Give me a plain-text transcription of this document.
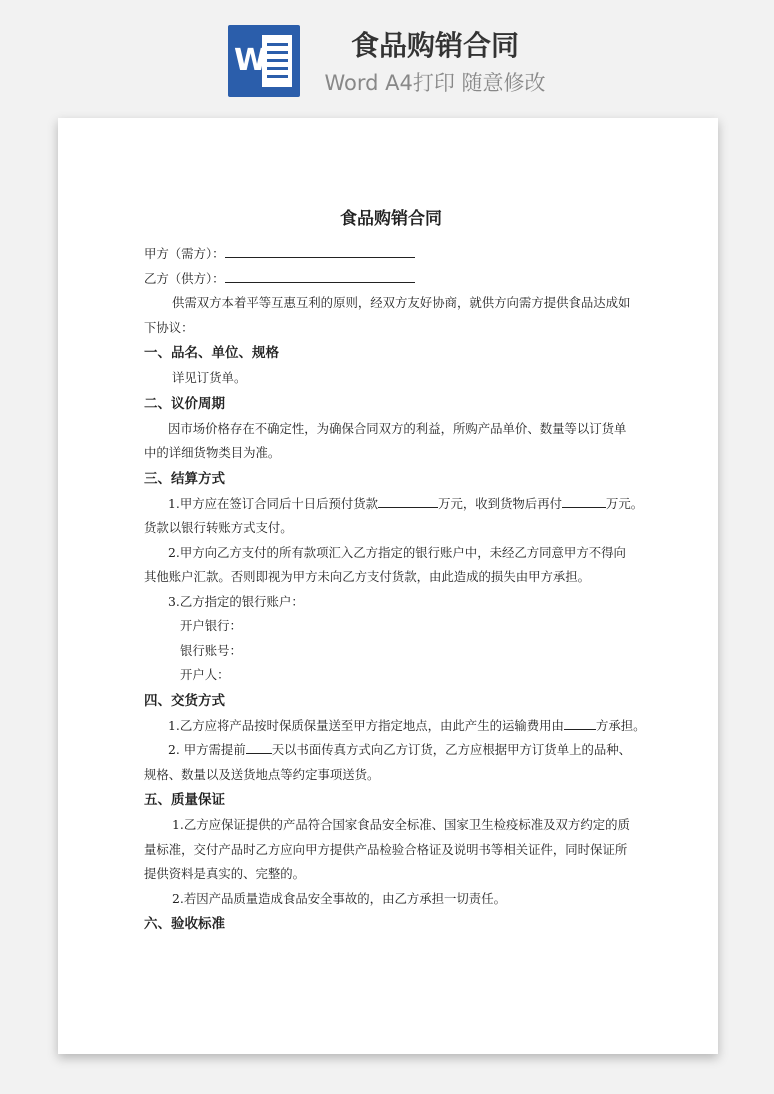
W	食品购销合同
Word A4打印 随意修改
食品购销合同
甲方（需方）：
乙方（供方）：
供需双方本着平等互惠互利的原则，经双方友好协商，就供方向需方提供食品达成如下协议：
一、品名、单位、规格
详见订货单。
二、议价周期
因市场价格存在不确定性，为确保合同双方的利益，所购产品单价、数量等以订货单中的详细货物类目为准。
三、结算方式
1.甲方应在签订合同后十日后预付货款	万元，收到货物后再付	万元。
货款以银行转账方式支付。
2.甲方向乙方支付的所有款项汇入乙方指定的银行账户中，未经乙方同意甲方不得向其他账户汇款。否则即视为甲方未向乙方支付货款，由此造成的损失由甲方承担。
3.乙方指定的银行账户：
开户银行：
银行账号：
开户人：
四、交货方式
1.乙方应将产品按时保质保量送至甲方指定地点，由此产生的运输费用由	方承担。
2. 甲方需提前 天以书面传真方式向乙方订货，乙方应根据甲方订货单上的品种、
规格、数量以及送货地点等约定事项送货。
五、质量保证
1.乙方应保证提供的产品符合国家食品安全标准、国家卫生检疫标准及双方约定的质量标准，交付产品时乙方应向甲方提供产品检验合格证及说明书等相关证件，同时保证所提供资料是真实的、完整的。
2.若因产品质量造成食品安全事故的，由乙方承担一切责任。
六、验收标准
